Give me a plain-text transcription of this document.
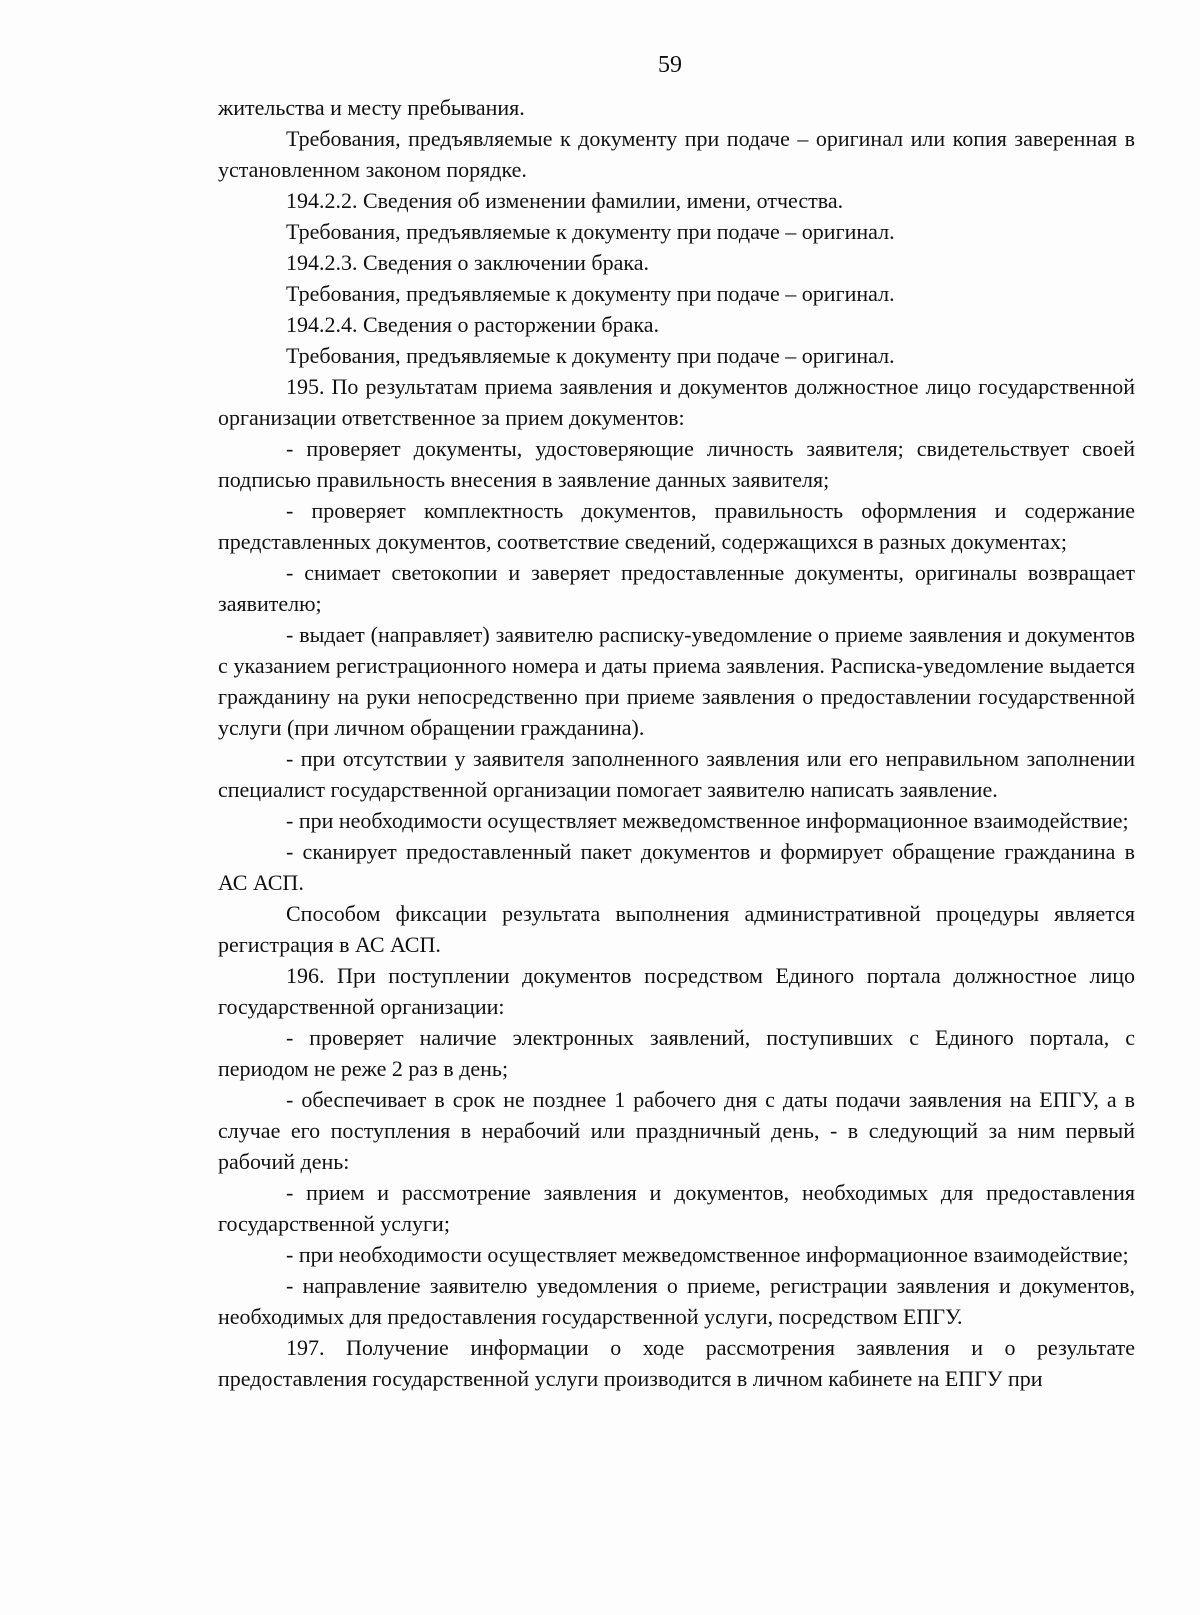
59

жительства и месту пребывания.

Требования, предъявляемые к документу при подаче – оригинал или копия заверенная в установленном законом порядке.

194.2.2. Сведения об изменении фамилии, имени, отчества.

Требования, предъявляемые к документу при подаче – оригинал.

194.2.3. Сведения о заключении брака.

Требования, предъявляемые к документу при подаче – оригинал.

194.2.4. Сведения о расторжении брака.

Требования, предъявляемые к документу при подаче – оригинал.

195. По результатам приема заявления и документов должностное лицо государственной организации ответственное за прием документов:

- проверяет документы, удостоверяющие личность заявителя; свидетельствует своей подписью правильность внесения в заявление данных заявителя;

- проверяет комплектность документов, правильность оформления и содержание представленных документов, соответствие сведений, содержащихся в разных документах;

- снимает светокопии и заверяет предоставленные документы, оригиналы возвращает заявителю;

- выдает (направляет) заявителю расписку-уведомление о приеме заявления и документов с указанием регистрационного номера и даты приема заявления. Расписка-уведомление выдается гражданину на руки непосредственно при приеме заявления о предоставлении государственной услуги (при личном обращении гражданина).

- при отсутствии у заявителя заполненного заявления или его неправильном заполнении специалист государственной организации помогает заявителю написать заявление.

- при необходимости осуществляет межведомственное информационное взаимодействие;

- сканирует предоставленный пакет документов и формирует обращение гражданина в АС АСП.

Способом фиксации результата выполнения административной процедуры является регистрация в АС АСП.

196. При поступлении документов посредством Единого портала должностное лицо государственной организации:

- проверяет наличие электронных заявлений, поступивших с Единого портала, с периодом не реже 2 раз в день;

- обеспечивает в срок не позднее 1 рабочего дня с даты подачи заявления на ЕПГУ, а в случае его поступления в нерабочий или праздничный день, - в следующий за ним первый рабочий день:

- прием и рассмотрение заявления и документов, необходимых для предоставления государственной услуги;

- при необходимости осуществляет межведомственное информационное взаимодействие;

- направление заявителю уведомления о приеме, регистрации заявления и документов, необходимых для предоставления государственной услуги, посредством ЕПГУ.

197. Получение информации о ходе рассмотрения заявления и о результате предоставления государственной услуги производится в личном кабинете на ЕПГУ при
